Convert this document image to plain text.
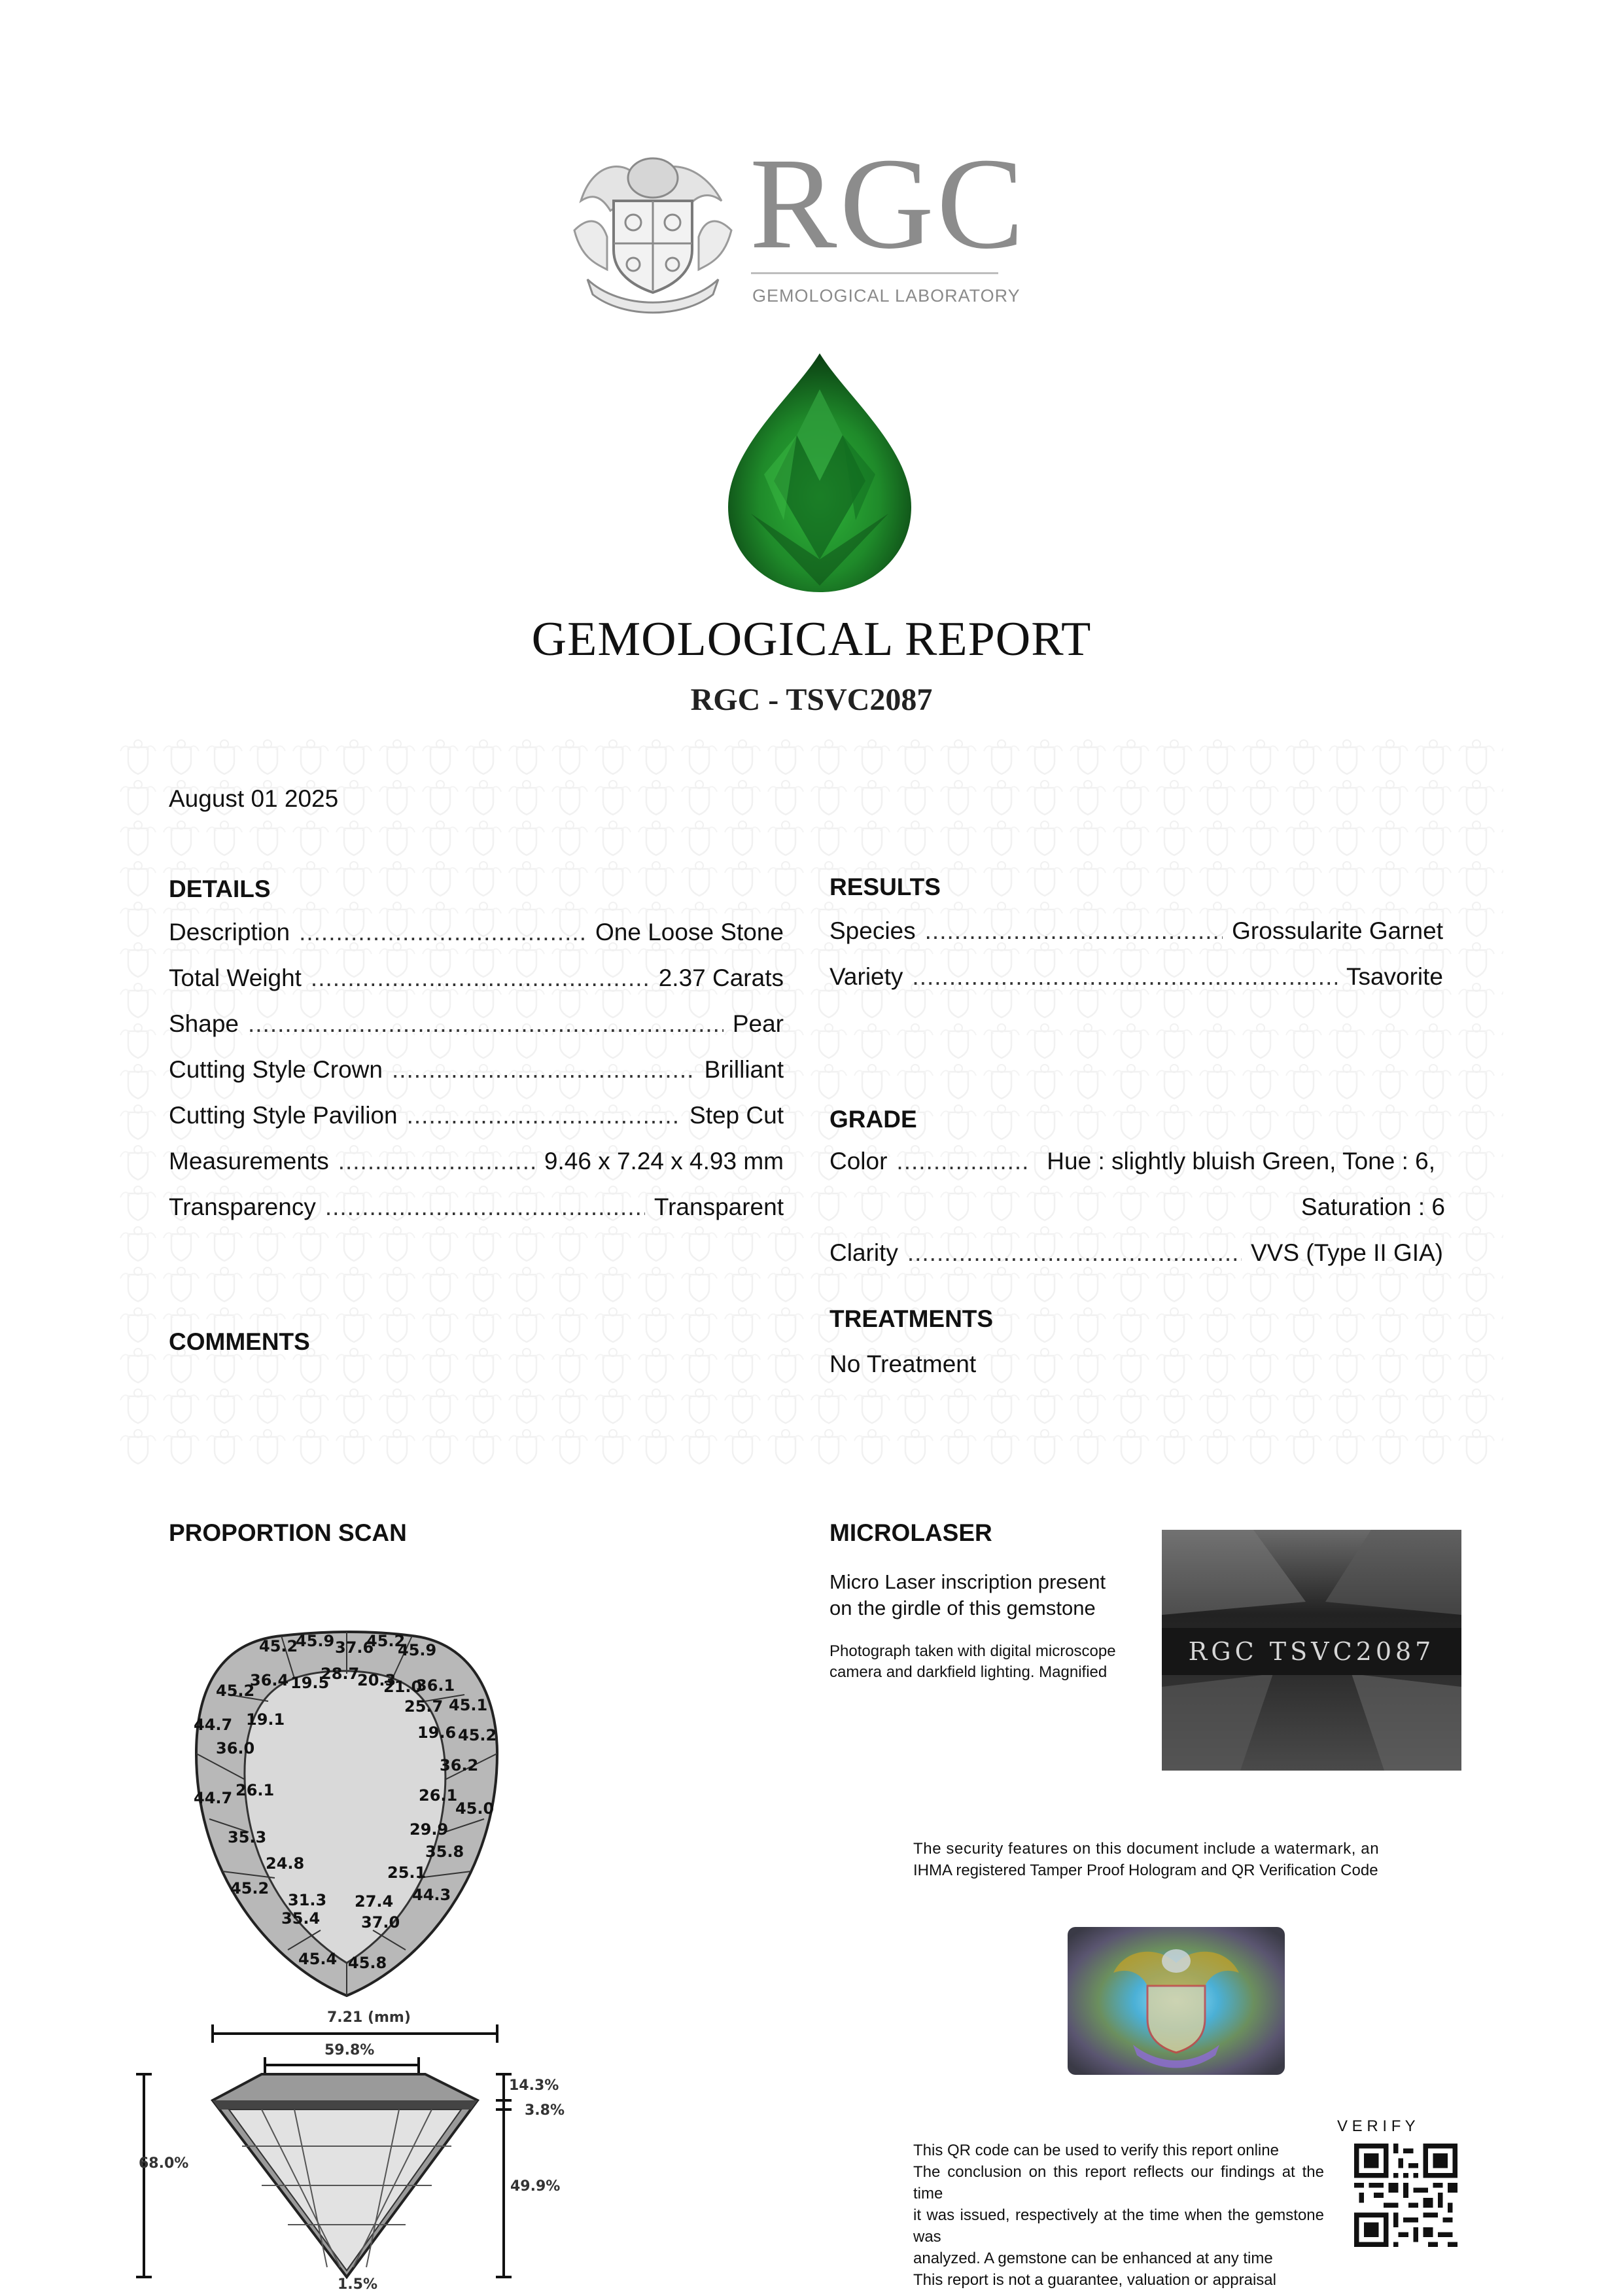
RGC
GEMOLOGICAL LABORATORY
GEMOLOGICAL REPORT
RGC - TSVC2087
August 01 2025
DETAILS
Description .....	One Loose Stone
Total Weight .....	2.37 Carats
Shape .....	Pear
Cutting Style Crown .....	Brilliant
Cutting Style Pavilion .....	Step Cut
Measurements .....	9.46 x 7.24 x 4.93 mm
Transparency .....	Transparent
COMMENTS
RESULTS
Species .....	Grossularite Garnet
Variety .....	Tsavorite
GRADE
Color .....	Hue : slightly bluish Green, Tone : 6,
Saturation : 6
Clarity .....	VVS (Type II GIA)
TREATMENTS
No Treatment
PROPORTION SCAN
45.9 37.6
45.2
45.9
45.2
36.4 19.5
28.7
20.3
21.0
36.1
45.2
25.7 45.1
44.7 19.1
19.6 45.2
36.0
36.2
44.7 26.1	26.1
45.0
29.9
35.3
35.8
24.8	25.1
45.2	44.3
31.3 27.4
35.4	37.0
45.4 45.8
7.21 (mm)
59.8%
14.3%
3.8%
49.9%
1.5%
68.0%
MICROLASER
Micro Laser inscription present
on the girdle of this gemstone
Photograph taken with digital microscope
camera and darkfield lighting. Magnified
RGC TSVC2087
The security features on this document include a watermark, an
IHMA registered Tamper Proof Hologram and QR Verification Code
V E R I F Y
This QR code can be used to verify this report online
The conclusion on this report reflects our findings at the time
it was issued, respectively at the time when the gemstone was
analyzed. A gemstone can be enhanced at any time
This report is not a guarantee, valuation or appraisal
